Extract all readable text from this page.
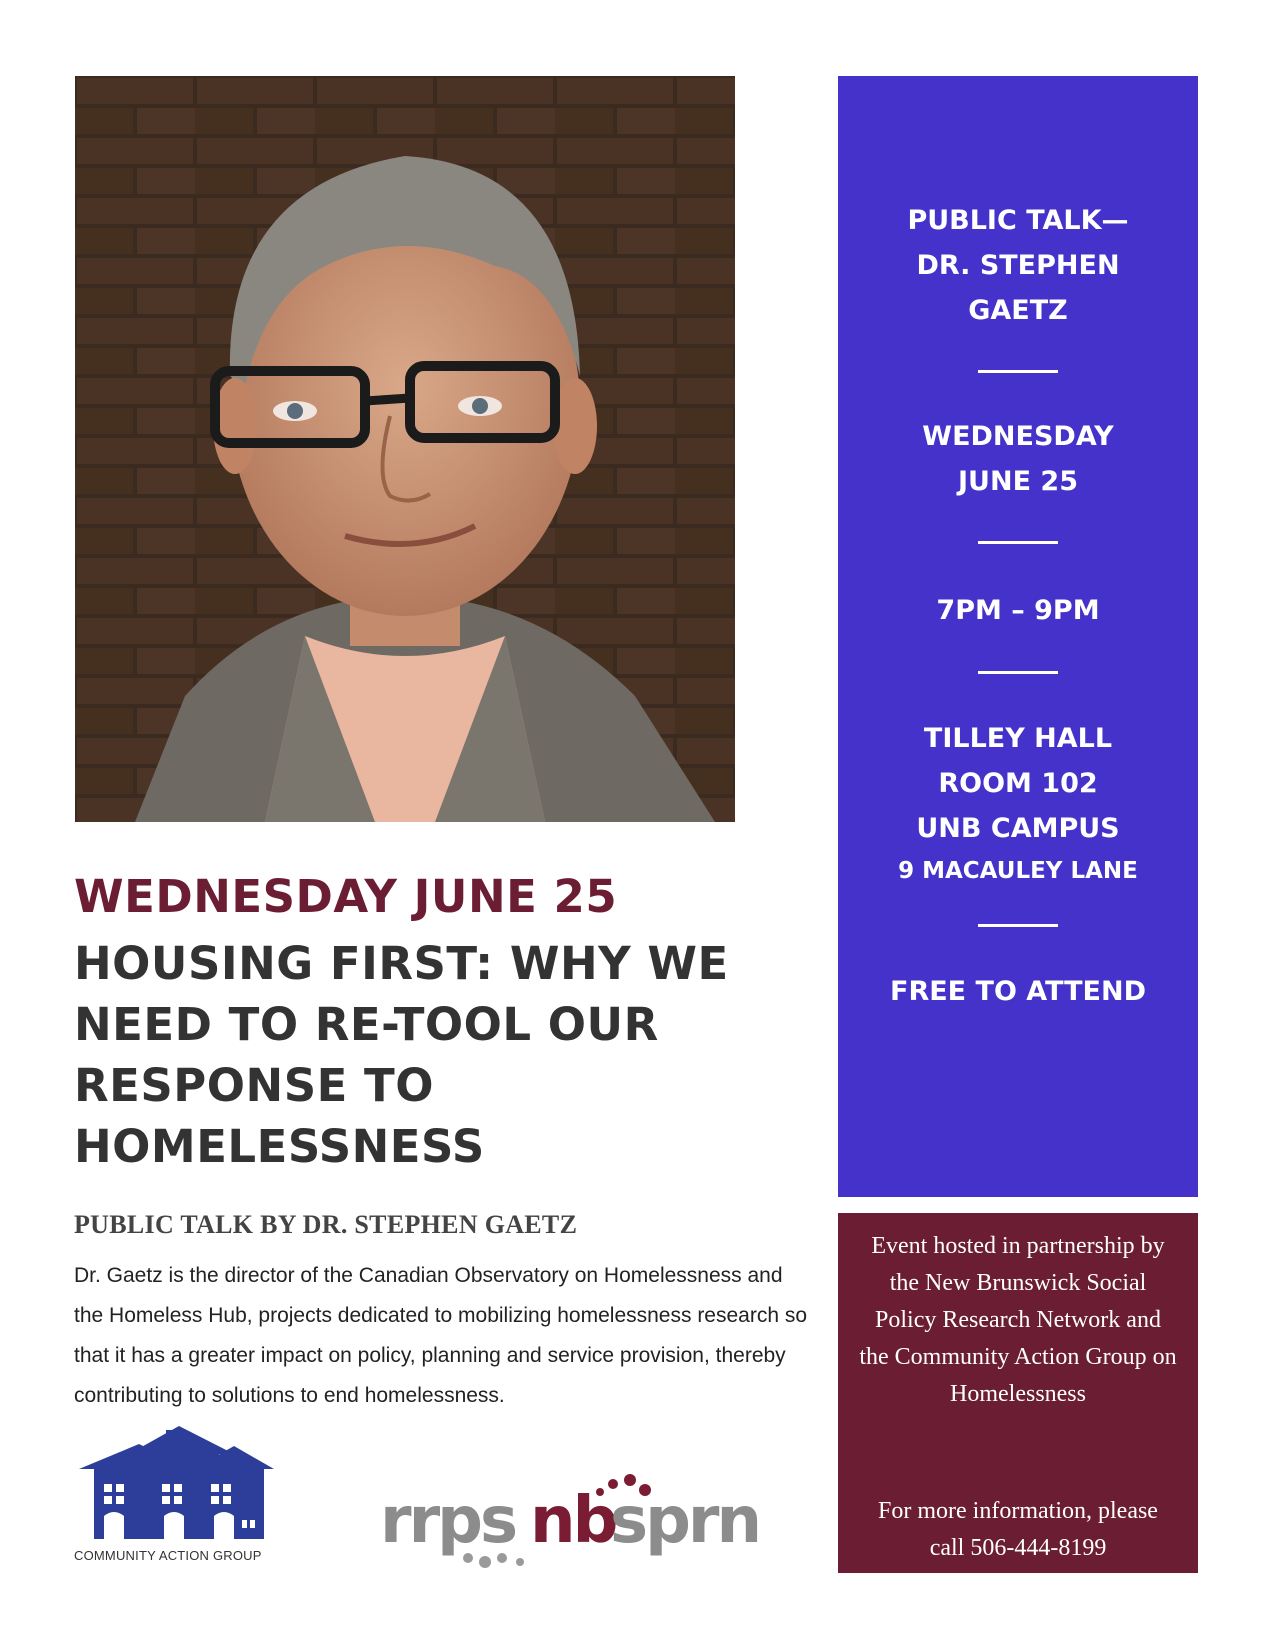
WEDNESDAY JUNE 25
HOUSING FIRST: WHY WE NEED TO RE-TOOL OUR RESPONSE TO HOMELESSNESS
PUBLIC TALK BY DR. STEPHEN GAETZ

Dr. Gaetz is the director of the Canadian Observatory on Homelessness and the Homeless Hub, projects dedicated to mobilizing homelessness research so that it has a greater impact on policy, planning and service provision, thereby contributing to solutions to end homelessness.

PUBLIC TALK—
DR. STEPHEN
GAETZ
WEDNESDAY
JUNE 25
7PM – 9PM
TILLEY HALL
ROOM 102
UNB CAMPUS
9 MACAULEY LANE
FREE TO ATTEND

Event hosted in partnership by the New Brunswick Social Policy Research Network and the Community Action Group on Homelessness

For more information, please call 506-444-8199

COMMUNITY ACTION GROUP	rrps nb
sprn
